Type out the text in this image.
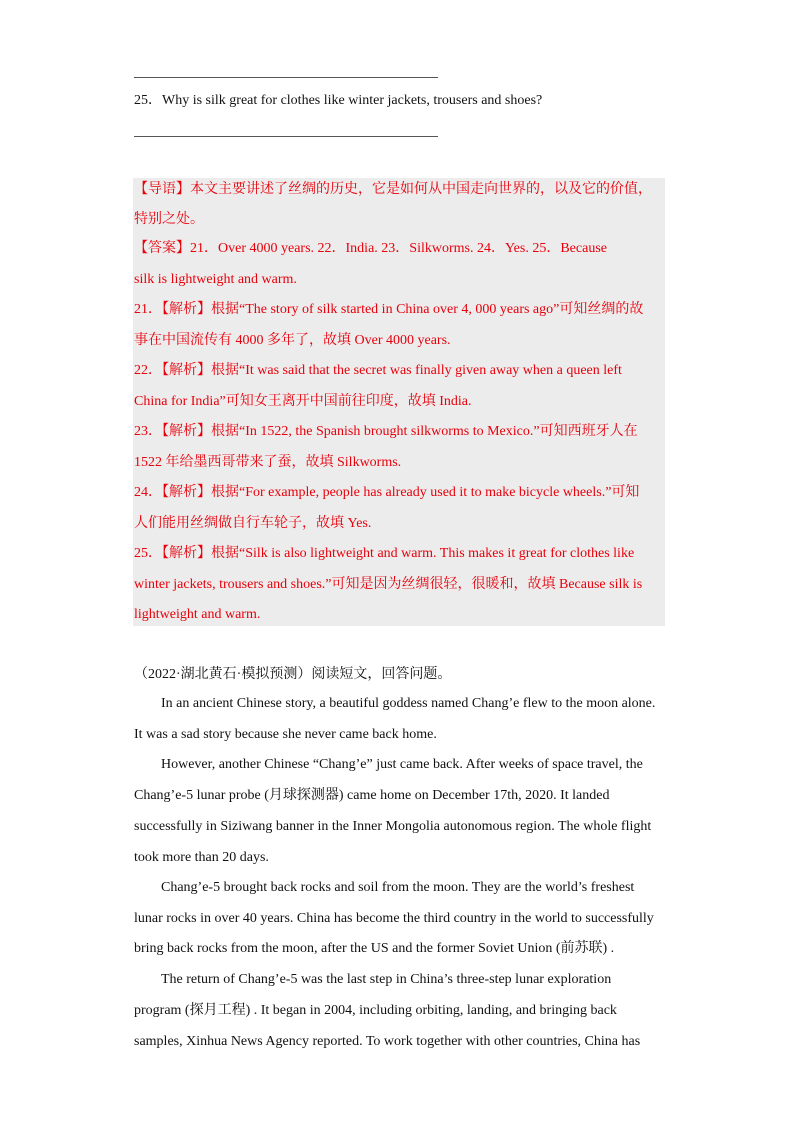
25．Why is silk great for clothes like winter jackets, trousers and shoes?
【导语】本文主要讲述了丝绸的历史，它是如何从中国走向世界的，以及它的价值，
特别之处。
【答案】21．Over 4000 years. 22．India. 23．Silkworms. 24．Yes. 25．Because
silk is lightweight and warm.
21．【解析】根据“The story of silk started in China over 4, 000 years ago”可知丝绸的故
事在中国流传有 4000 多年了，故填 Over 4000 years.
22．【解析】根据“It was said that the secret was finally given away when a queen left
China for India”可知女王离开中国前往印度，故填 India.
23．【解析】根据“In 1522, the Spanish brought silkworms to Mexico.”可知西班牙人在
1522 年给墨西哥带来了蚕，故填 Silkworms.
24．【解析】根据“For example, people has already used it to make bicycle wheels.”可知
人们能用丝绸做自行车轮子，故填 Yes.
25．【解析】根据“Silk is also lightweight and warm. This makes it great for clothes like
winter jackets, trousers and shoes.”可知是因为丝绸很轻，很暖和，故填 Because silk is
lightweight and warm.
（2022·湖北黄石·模拟预测）阅读短文，回答问题。
In an ancient Chinese story, a beautiful goddess named Chang’e flew to the moon alone.
It was a sad story because she never came back home.
However, another Chinese “Chang’e” just came back. After weeks of space travel, the
Chang’e-5 lunar probe (月球探测器) came home on December 17th, 2020. It landed
successfully in Siziwang banner in the Inner Mongolia autonomous region. The whole flight
took more than 20 days.
Chang’e-5 brought back rocks and soil from the moon. They are the world’s freshest
lunar rocks in over 40 years. China has become the third country in the world to successfully
bring back rocks from the moon, after the US and the former Soviet Union (前苏联) .
The return of Chang’e-5 was the last step in China’s three-step lunar exploration
program (探月工程) . It began in 2004, including orbiting, landing, and bringing back
samples, Xinhua News Agency reported. To work together with other countries, China has
